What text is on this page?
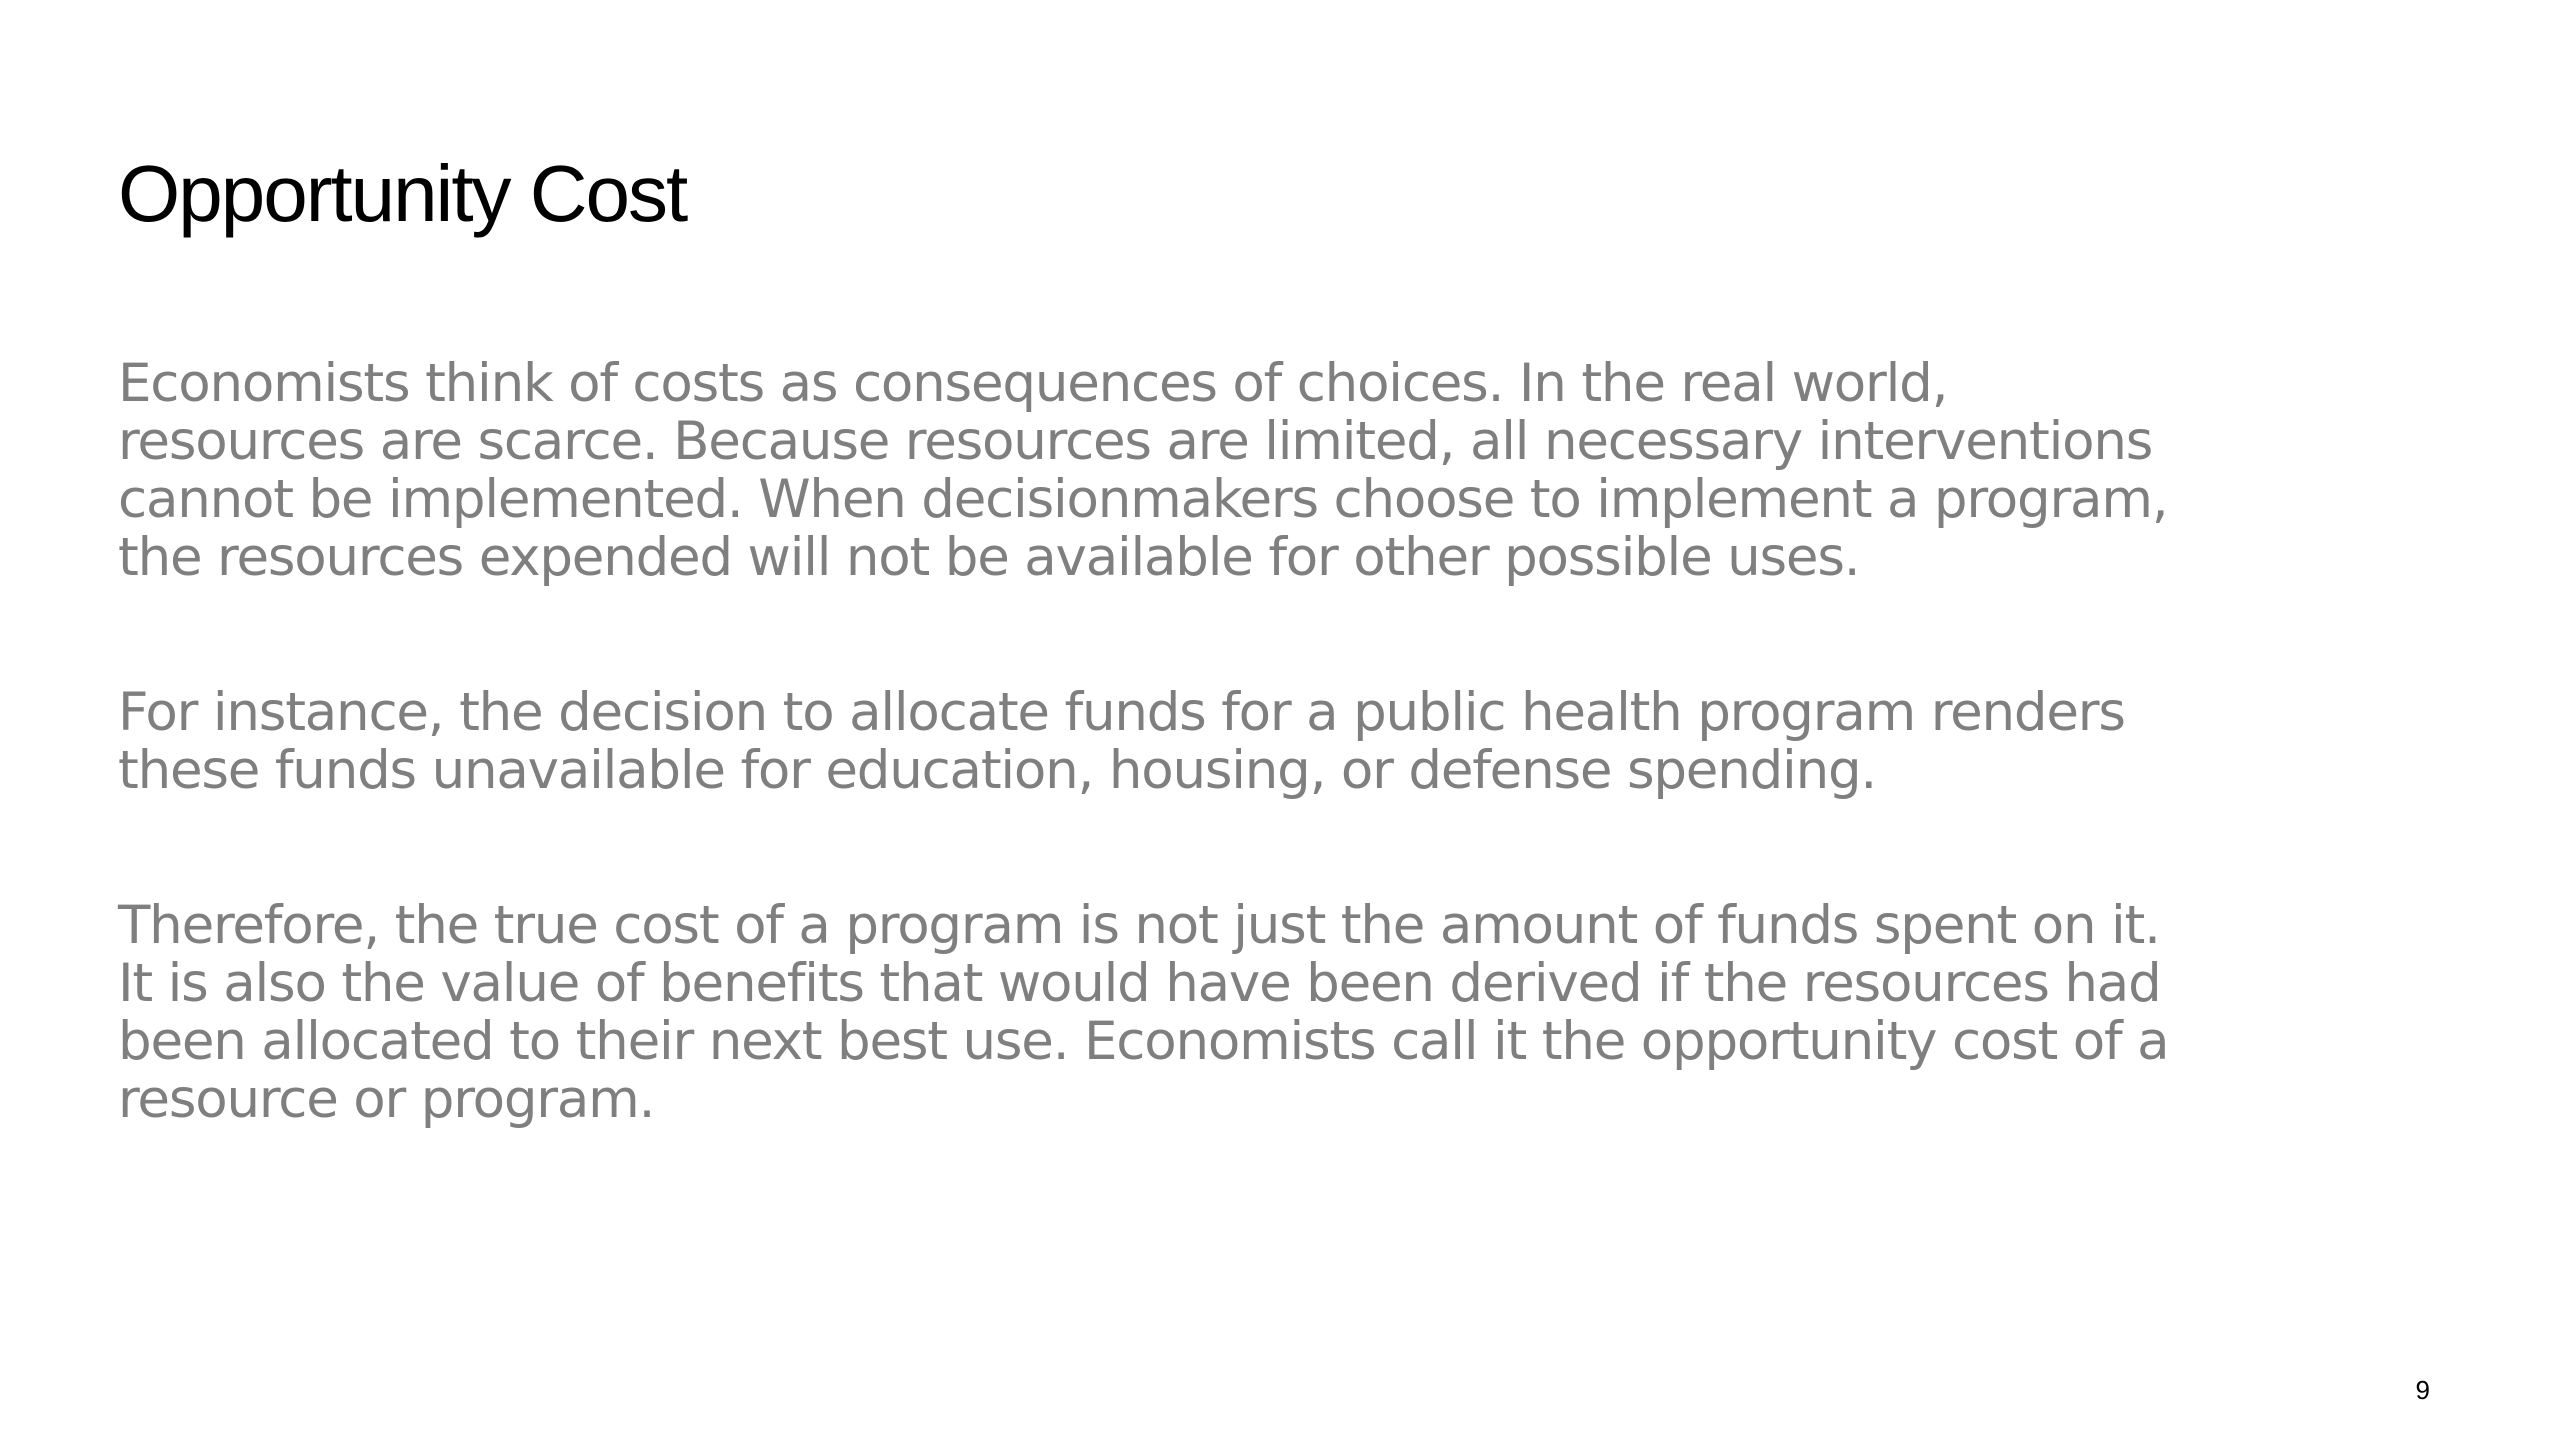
Opportunity Cost

Economists think of costs as consequences of choices. In the real world,
resources are scarce. Because resources are limited, all necessary interventions
cannot be implemented. When decisionmakers choose to implement a program,
the resources expended will not be available for other possible uses.

For instance, the decision to allocate funds for a public health program renders
these funds unavailable for education, housing, or defense spending.

Therefore, the true cost of a program is not just the amount of funds spent on it.
It is also the value of benefits that would have been derived if the resources had
been allocated to their next best use. Economists call it the opportunity cost of a
resource or program.

9
